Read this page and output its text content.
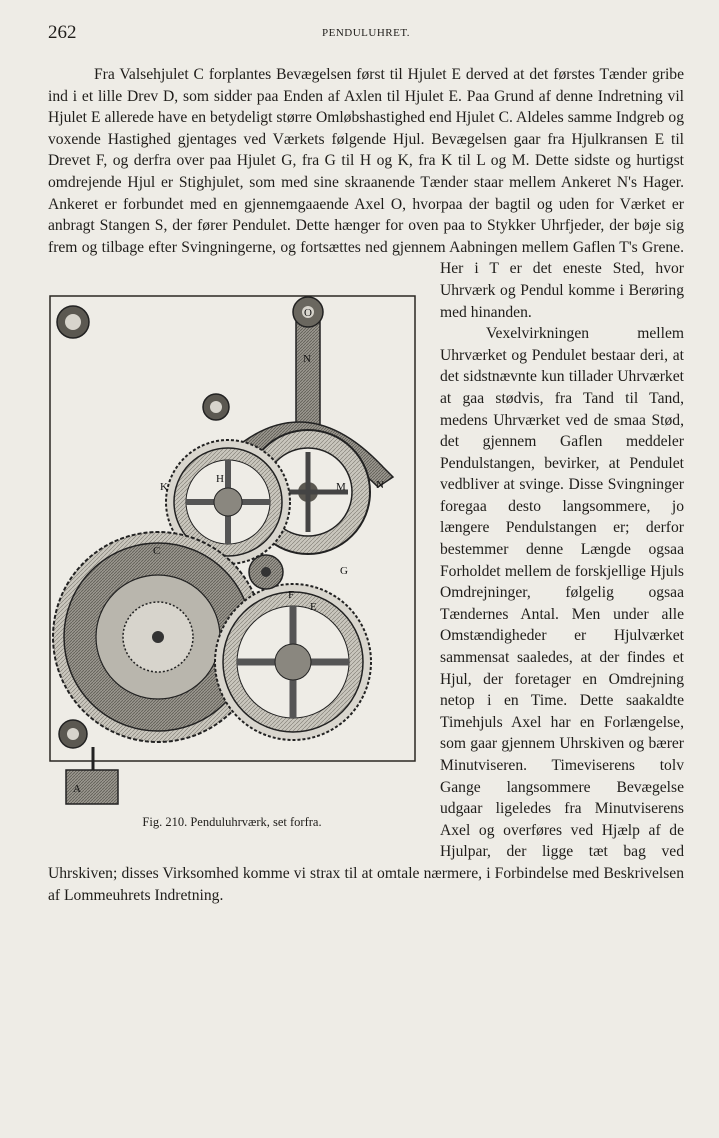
262	PENDULUHRET.

Fra Valsehjulet C forplantes Bevægelsen først til Hjulet E derved at det førstes Tænder gribe ind i et lille Drev D, som sidder paa Enden af Axlen til Hjulet E. Paa Grund af denne Indretning vil Hjulet E allerede have en betydeligt større Omløbshastighed end Hjulet C. Aldeles samme Indgreb og voxende Hastighed gjentages ved Værkets følgende Hjul. Bevægelsen gaar fra Hjulkransen E til Drevet F, og derfra over paa Hjulet G, fra G til H og K, fra K til L og M. Dette sidste og hurtigst omdrejende Hjul er Stighjulet, som med sine skraanende Tænder staar mellem Ankeret N's Hager. Ankeret er forbundet med en gjennemgaaende Axel O, hvorpaa der bagtil og uden for Værket er anbragt Stangen S, der fører Pendulet. Dette hænger for oven paa to Stykker Uhrfjeder, der bøje sig frem og tilbage efter Svingningerne, og fortsættes ned gjennem Aabningen mellem Gaflen T's Grene. Her i T er det eneste Sted, hvor Uhrværk og Pendul komme i Berøring med hinanden.

Vexelvirkningen mellem Uhrværket og Pendulet bestaar deri, at det sidstnævnte kun tillader Uhrværket at gaa stødvis, fra Tand til Tand, medens Uhrværket ved de smaa Stød, det gjennem Gaflen meddeler Pendulstangen, bevirker, at Pendulet vedbliver at svinge. Disse Svingninger foregaa desto langsommere, jo længere Pendulstangen er; derfor bestemmer denne Længde ogsaa Forholdet mellem de forskjellige Hjuls Omdrejninger, følgelig ogsaa Tændernes Antal. Men under alle Omstændigheder er Hjulværket sammensat saaledes, at der findes et Hjul, der foretager en Omdrejning netop i en Time. Dette saakaldte Timehjuls Axel har en Forlængelse, som gaar gjennem Uhrskiven og bærer Minutviseren. Timeviserens tolv Gange langsommere Bevægelse udgaar ligeledes fra Minutviserens Axel og overføres ved Hjælp af de Hjulpar, der ligge tæt bag ved Uhrskiven; disses Virksomhed komme vi strax til at omtale nærmere, i Forbindelse med Beskrivelsen af Lommeuhrets Indretning.

O
N
K
H
M	N
C
G
F
E
A
Fig. 210. Penduluhrværk, set forfra.
